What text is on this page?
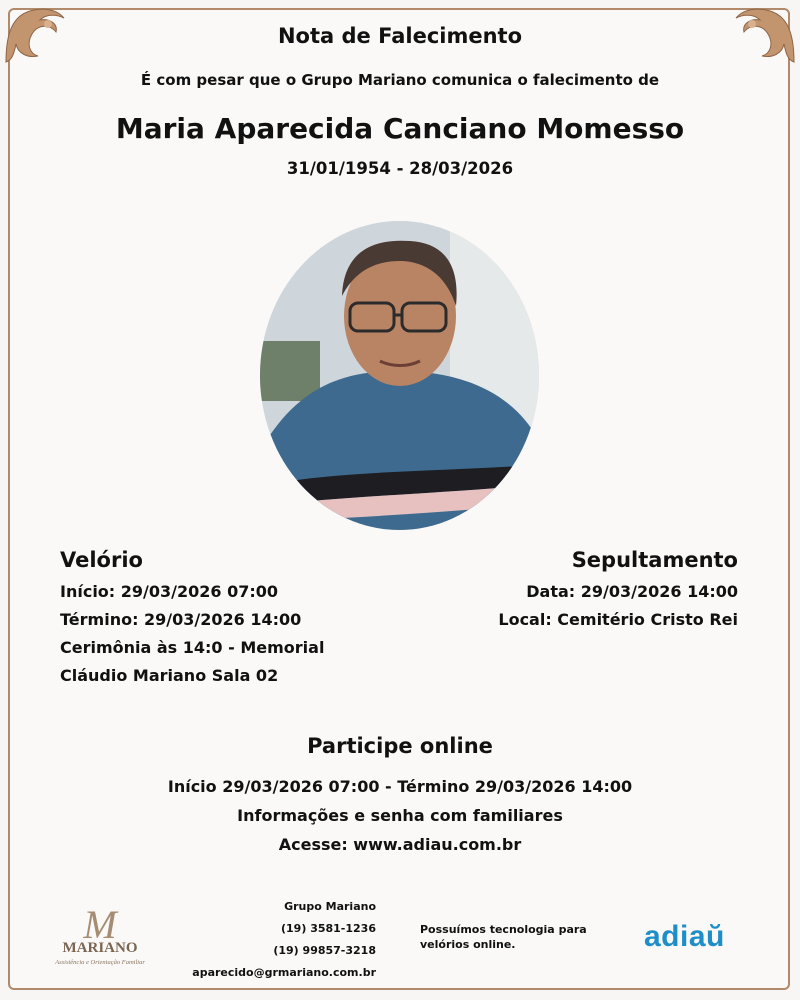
Nota de Falecimento
É com pesar que o Grupo Mariano comunica o falecimento de
Maria Aparecida Canciano Momesso
31/01/1954 - 28/03/2026
Velório
Início: 29/03/2026 07:00
Término: 29/03/2026 14:00
Cerimônia às 14:0 - Memorial
Cláudio Mariano Sala 02
Sepultamento
Data: 29/03/2026 14:00
Local: Cemitério Cristo Rei
Participe online
Início 29/03/2026 07:00 - Término 29/03/2026 14:00
Informações e senha com familiares
Acesse: www.adiau.com.br
M
MARIANO
Assistência e Orientação Familiar
Grupo Mariano
(19) 3581-1236
(19) 99857-3218
aparecido@grmariano.com.br
Possuímos tecnologia para
velórios online.	adiaŭ
